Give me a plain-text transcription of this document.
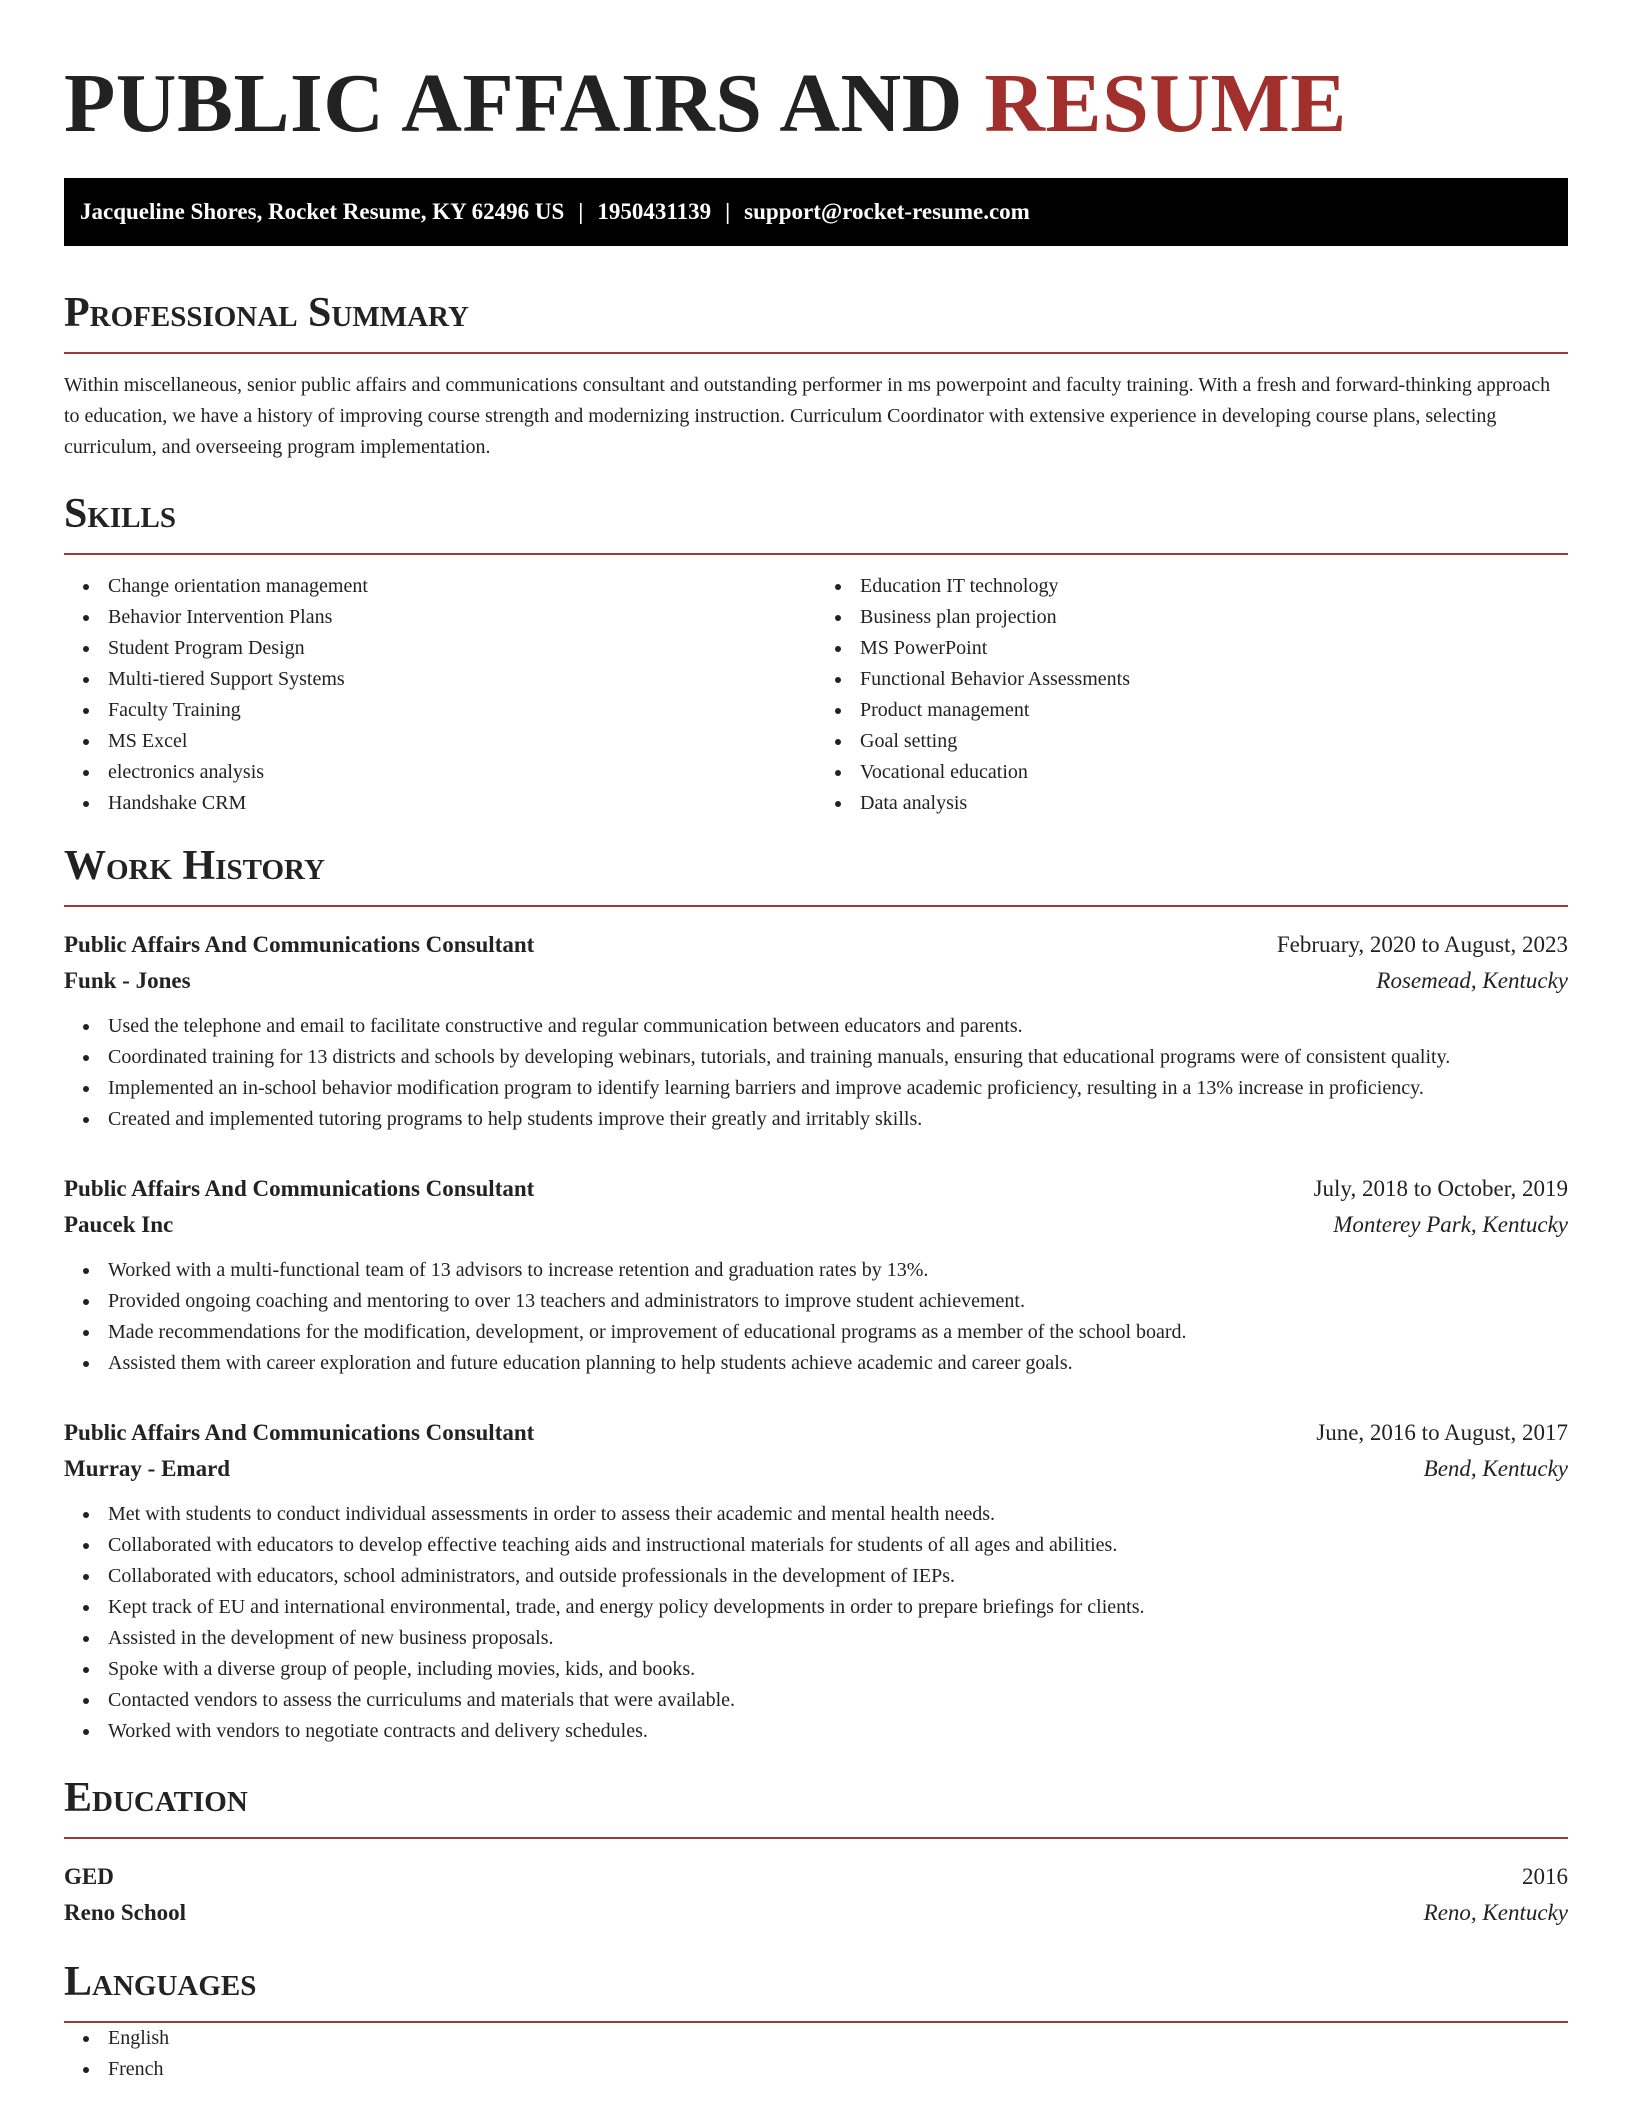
PUBLIC AFFAIRS AND RESUME
Jacqueline Shores, Rocket Resume, KY 62496 US | 1950431139 | support@rocket-resume.com
Professional Summary

Within miscellaneous, senior public affairs and communications consultant and outstanding performer in ms powerpoint and faculty training. With a fresh and forward-thinking approach to education, we have a history of improving course strength and modernizing instruction. Curriculum Coordinator with extensive experience in developing course plans, selecting curriculum, and overseeing program implementation.

Skills
Change orientation management
Behavior Intervention Plans
Student Program Design
Multi-tiered Support Systems
Faculty Training
MS Excel
electronics analysis
Handshake CRM
Education IT technology
Business plan projection
MS PowerPoint
Functional Behavior Assessments
Product management
Goal setting
Vocational education
Data analysis
Work History
Public Affairs And Communications Consultant	February, 2020 to August, 2023
Funk - Jones	Rosemead, Kentucky
Used the telephone and email to facilitate constructive and regular communication between educators and parents.
Coordinated training for 13 districts and schools by developing webinars, tutorials, and training manuals, ensuring that educational programs were of consistent quality.
Implemented an in-school behavior modification program to identify learning barriers and improve academic proficiency, resulting in a 13% increase in proficiency.
Created and implemented tutoring programs to help students improve their greatly and irritably skills.
Public Affairs And Communications Consultant	July, 2018 to October, 2019
Paucek Inc	Monterey Park, Kentucky
Worked with a multi-functional team of 13 advisors to increase retention and graduation rates by 13%.
Provided ongoing coaching and mentoring to over 13 teachers and administrators to improve student achievement.
Made recommendations for the modification, development, or improvement of educational programs as a member of the school board.
Assisted them with career exploration and future education planning to help students achieve academic and career goals.
Public Affairs And Communications Consultant	June, 2016 to August, 2017
Murray - Emard	Bend, Kentucky
Met with students to conduct individual assessments in order to assess their academic and mental health needs.
Collaborated with educators to develop effective teaching aids and instructional materials for students of all ages and abilities.
Collaborated with educators, school administrators, and outside professionals in the development of IEPs.
Kept track of EU and international environmental, trade, and energy policy developments in order to prepare briefings for clients.
Assisted in the development of new business proposals.
Spoke with a diverse group of people, including movies, kids, and books.
Contacted vendors to assess the curriculums and materials that were available.
Worked with vendors to negotiate contracts and delivery schedules.
Education
GED	2016
Reno School	Reno, Kentucky
Languages
English
French
